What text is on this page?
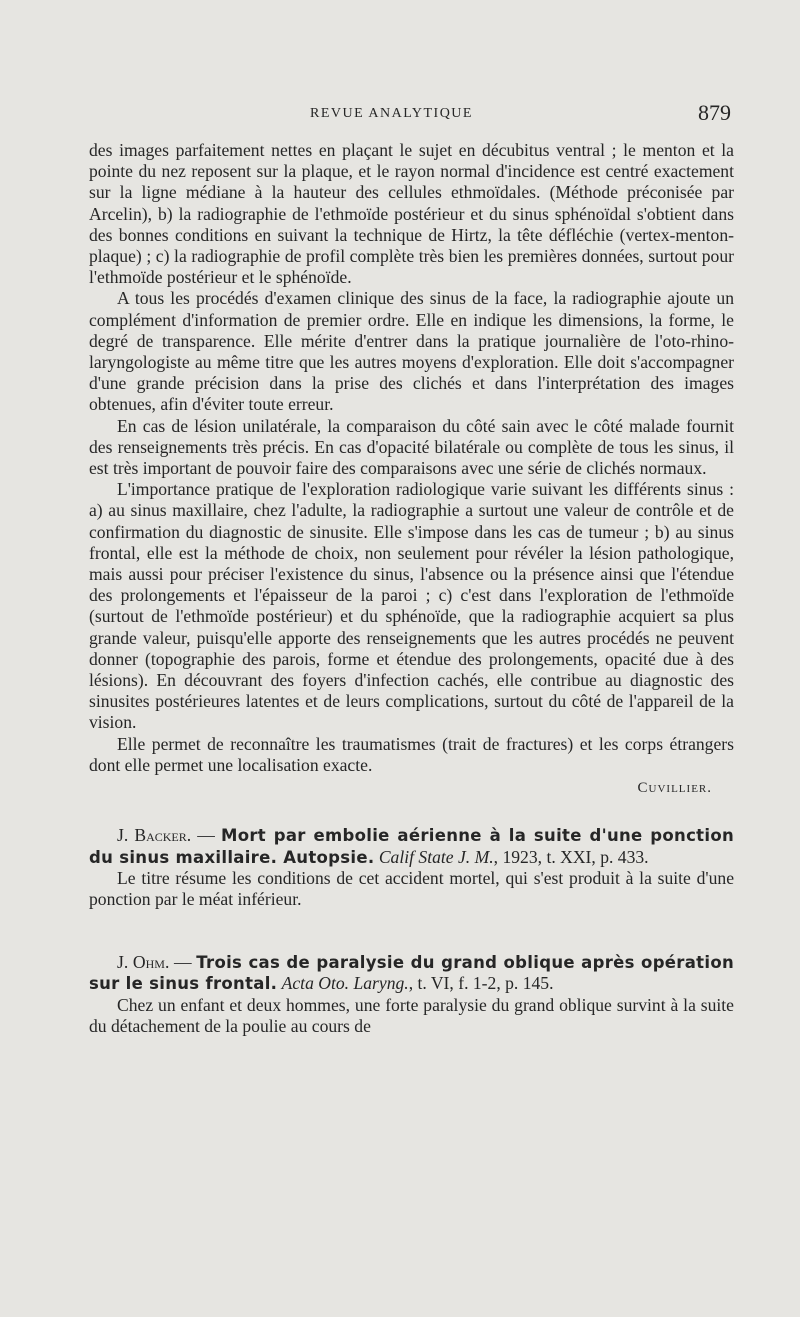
REVUE ANALYTIQUE	879

des images parfaitement nettes en plaçant le sujet en décubitus ventral ; le menton et la pointe du nez reposent sur la plaque, et le rayon normal d'incidence est centré exactement sur la ligne médiane à la hauteur des cellules ethmoïdales. (Méthode préconisée par Arcelin), b) la radiographie de l'ethmoïde postérieur et du sinus sphénoïdal s'obtient dans des bonnes conditions en suivant la technique de Hirtz, la tête défléchie (vertex-menton-plaque) ; c) la radiographie de profil complète très bien les premières données, surtout pour l'ethmoïde postérieur et le sphénoïde.

A tous les procédés d'examen clinique des sinus de la face, la radiographie ajoute un complément d'information de premier ordre. Elle en indique les dimensions, la forme, le degré de transparence. Elle mérite d'entrer dans la pratique journalière de l'oto-rhino-laryngologiste au même titre que les autres moyens d'exploration. Elle doit s'accompagner d'une grande précision dans la prise des clichés et dans l'interprétation des images obtenues, afin d'éviter toute erreur.

En cas de lésion unilatérale, la comparaison du côté sain avec le côté malade fournit des renseignements très précis. En cas d'opacité bilatérale ou complète de tous les sinus, il est très important de pouvoir faire des comparaisons avec une série de clichés normaux.

L'importance pratique de l'exploration radiologique varie suivant les différents sinus : a) au sinus maxillaire, chez l'adulte, la radiographie a surtout une valeur de contrôle et de confirmation du diagnostic de sinusite. Elle s'impose dans les cas de tumeur ; b) au sinus frontal, elle est la méthode de choix, non seulement pour révéler la lésion pathologique, mais aussi pour préciser l'existence du sinus, l'absence ou la présence ainsi que l'étendue des prolongements et l'épaisseur de la paroi ; c) c'est dans l'exploration de l'ethmoïde (surtout de l'ethmoïde postérieur) et du sphénoïde, que la radiographie acquiert sa plus grande valeur, puisqu'elle apporte des renseignements que les autres procédés ne peuvent donner (topographie des parois, forme et étendue des prolongements, opacité due à des lésions). En découvrant des foyers d'infection cachés, elle contribue au diagnostic des sinusites postérieures latentes et de leurs complications, surtout du côté de l'appareil de la vision.

Elle permet de reconnaître les traumatismes (trait de fractures) et les corps étrangers dont elle permet une localisation exacte.

Cuvillier.

J. Backer. — Mort par embolie aérienne à la suite d'une ponction du sinus maxillaire. Autopsie. Calif State J. M., 1923, t. XXI, p. 433.

Le titre résume les conditions de cet accident mortel, qui s'est produit à la suite d'une ponction par le méat inférieur.

J. Ohm. — Trois cas de paralysie du grand oblique après opération sur le sinus frontal. Acta Oto. Laryng., t. VI, f. 1-2, p. 145.

Chez un enfant et deux hommes, une forte paralysie du grand oblique survint à la suite du détachement de la poulie au cours de
